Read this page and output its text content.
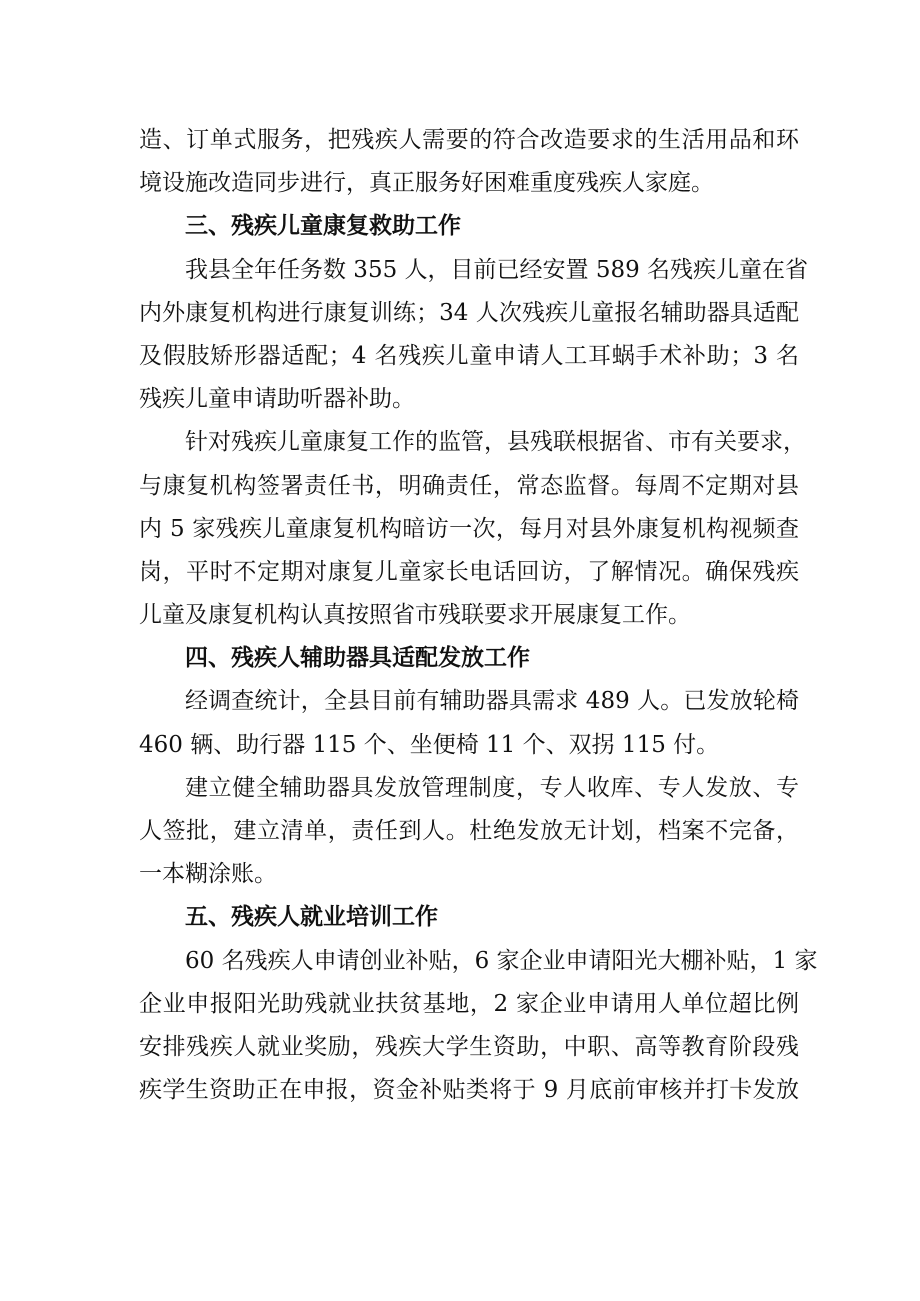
造、订单式服务，把残疾人需要的符合改造要求的生活用品和环
境设施改造同步进行，真正服务好困难重度残疾人家庭。
三、残疾儿童康复救助工作
我县全年任务数 355 人，目前已经安置 589 名残疾儿童在省
内外康复机构进行康复训练；34 人次残疾儿童报名辅助器具适配
及假肢矫形器适配；4 名残疾儿童申请人工耳蜗手术补助；3 名
残疾儿童申请助听器补助。
针对残疾儿童康复工作的监管，县残联根据省、市有关要求，
与康复机构签署责任书，明确责任，常态监督。每周不定期对县
内 5 家残疾儿童康复机构暗访一次，每月对县外康复机构视频查
岗，平时不定期对康复儿童家长电话回访，了解情况。确保残疾
儿童及康复机构认真按照省市残联要求开展康复工作。
四、残疾人辅助器具适配发放工作
经调查统计，全县目前有辅助器具需求 489 人。已发放轮椅
460 辆、助行器 115 个、坐便椅 11 个、双拐 115 付。
建立健全辅助器具发放管理制度，专人收库、专人发放、专
人签批，建立清单，责任到人。杜绝发放无计划，档案不完备，
一本糊涂账。
五、残疾人就业培训工作
60 名残疾人申请创业补贴，6 家企业申请阳光大棚补贴，1 家
企业申报阳光助残就业扶贫基地，2 家企业申请用人单位超比例
安排残疾人就业奖励，残疾大学生资助，中职、高等教育阶段残
疾学生资助正在申报，资金补贴类将于 9 月底前审核并打卡发放
